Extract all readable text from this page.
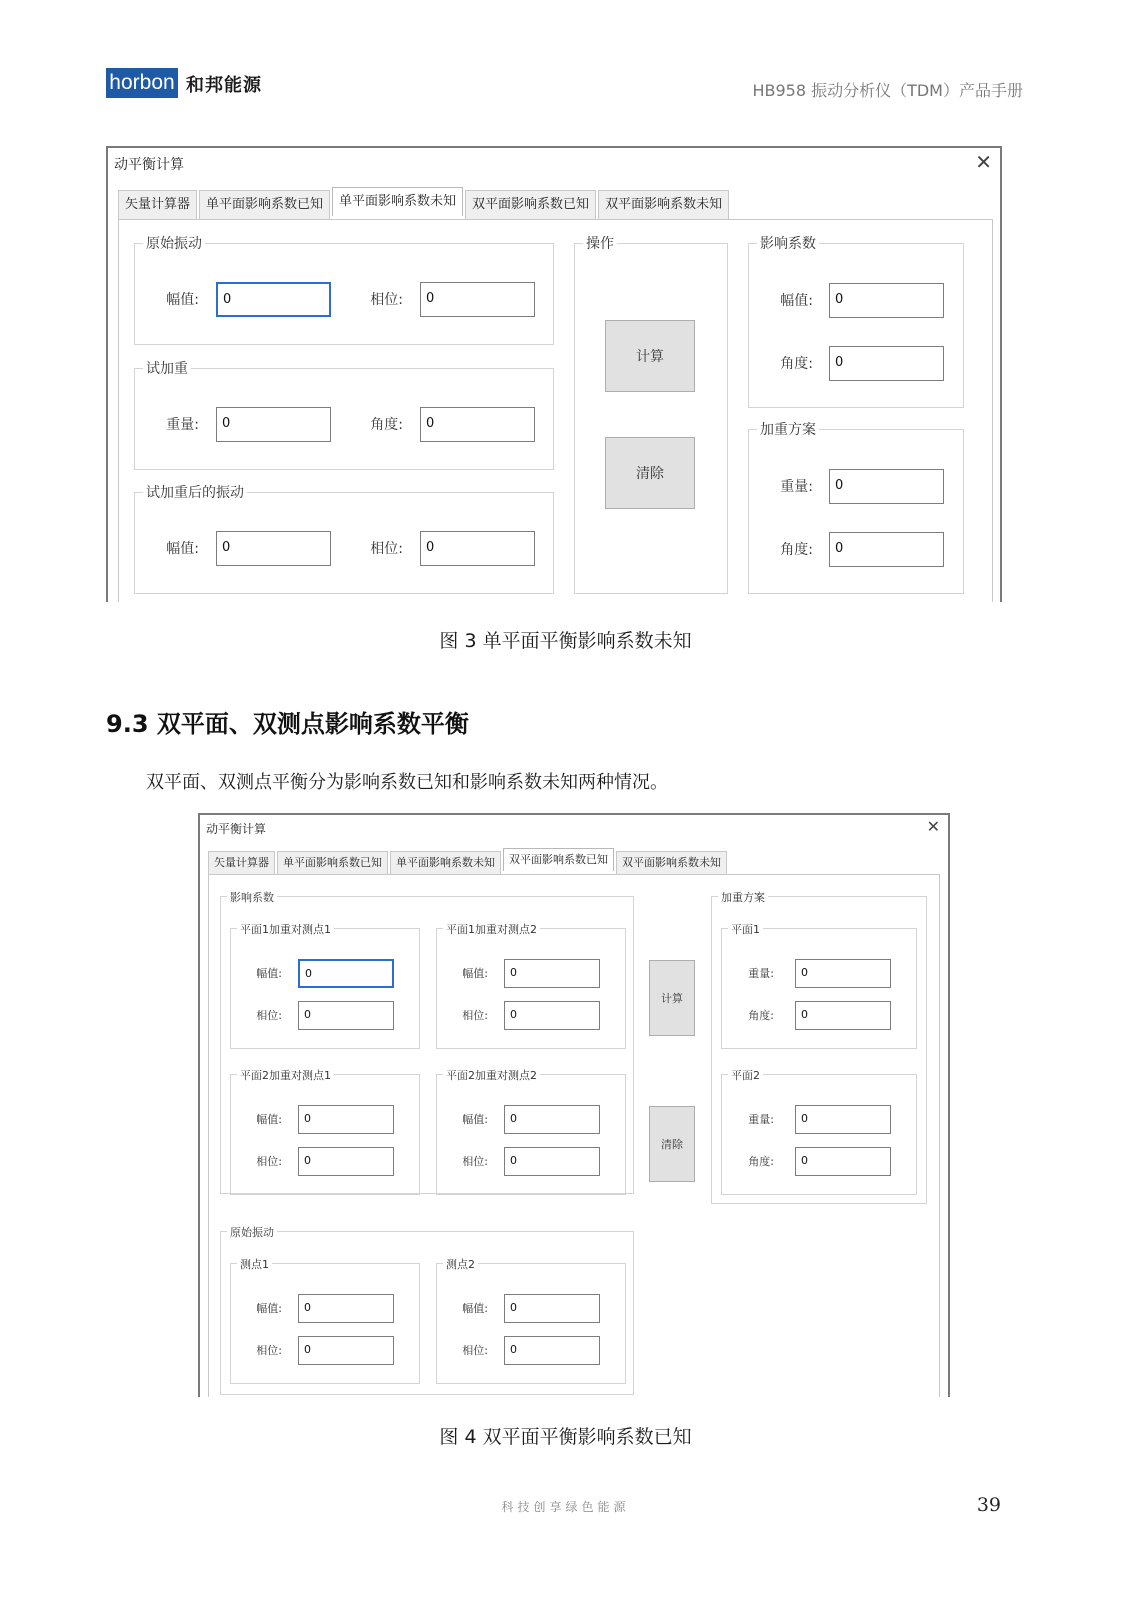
horbon 和邦能源	HB958 振动分析仪（TDM）产品手册
动平衡计算	✕
矢量计算器	单平面影响系数已知	单平面影响系数未知	双平面影响系数已知	双平面影响系数未知
原始振动
幅值:	0	相位:	0
试加重
重量:	0	角度:	0
试加重后的振动
幅值:	0	相位:	0
操作
计算
清除
影响系数
幅值:	0
角度:	0
加重方案
重量:	0
角度:	0
图 3 单平面平衡影响系数未知
9.3 双平面、双测点影响系数平衡
双平面、双测点平衡分为影响系数已知和影响系数未知两种情况。
动平衡计算	✕
矢量计算器	单平面影响系数已知	单平面影响系数未知	双平面影响系数已知	双平面影响系数未知
影响系数
平面1加重对测点1
幅值:	0
相位:	0
平面1加重对测点2
幅值:	0
相位:	0
平面2加重对测点1
幅值:	0
相位:	0
平面2加重对测点2
幅值:	0
相位:	0
计算
清除
加重方案
平面1
重量:	0
角度:	0
平面2
重量:	0
角度:	0
原始振动
测点1
幅值:	0
相位:	0
测点2
幅值:	0
相位:	0
图 4 双平面平衡影响系数已知
科技创享绿色能源	39
